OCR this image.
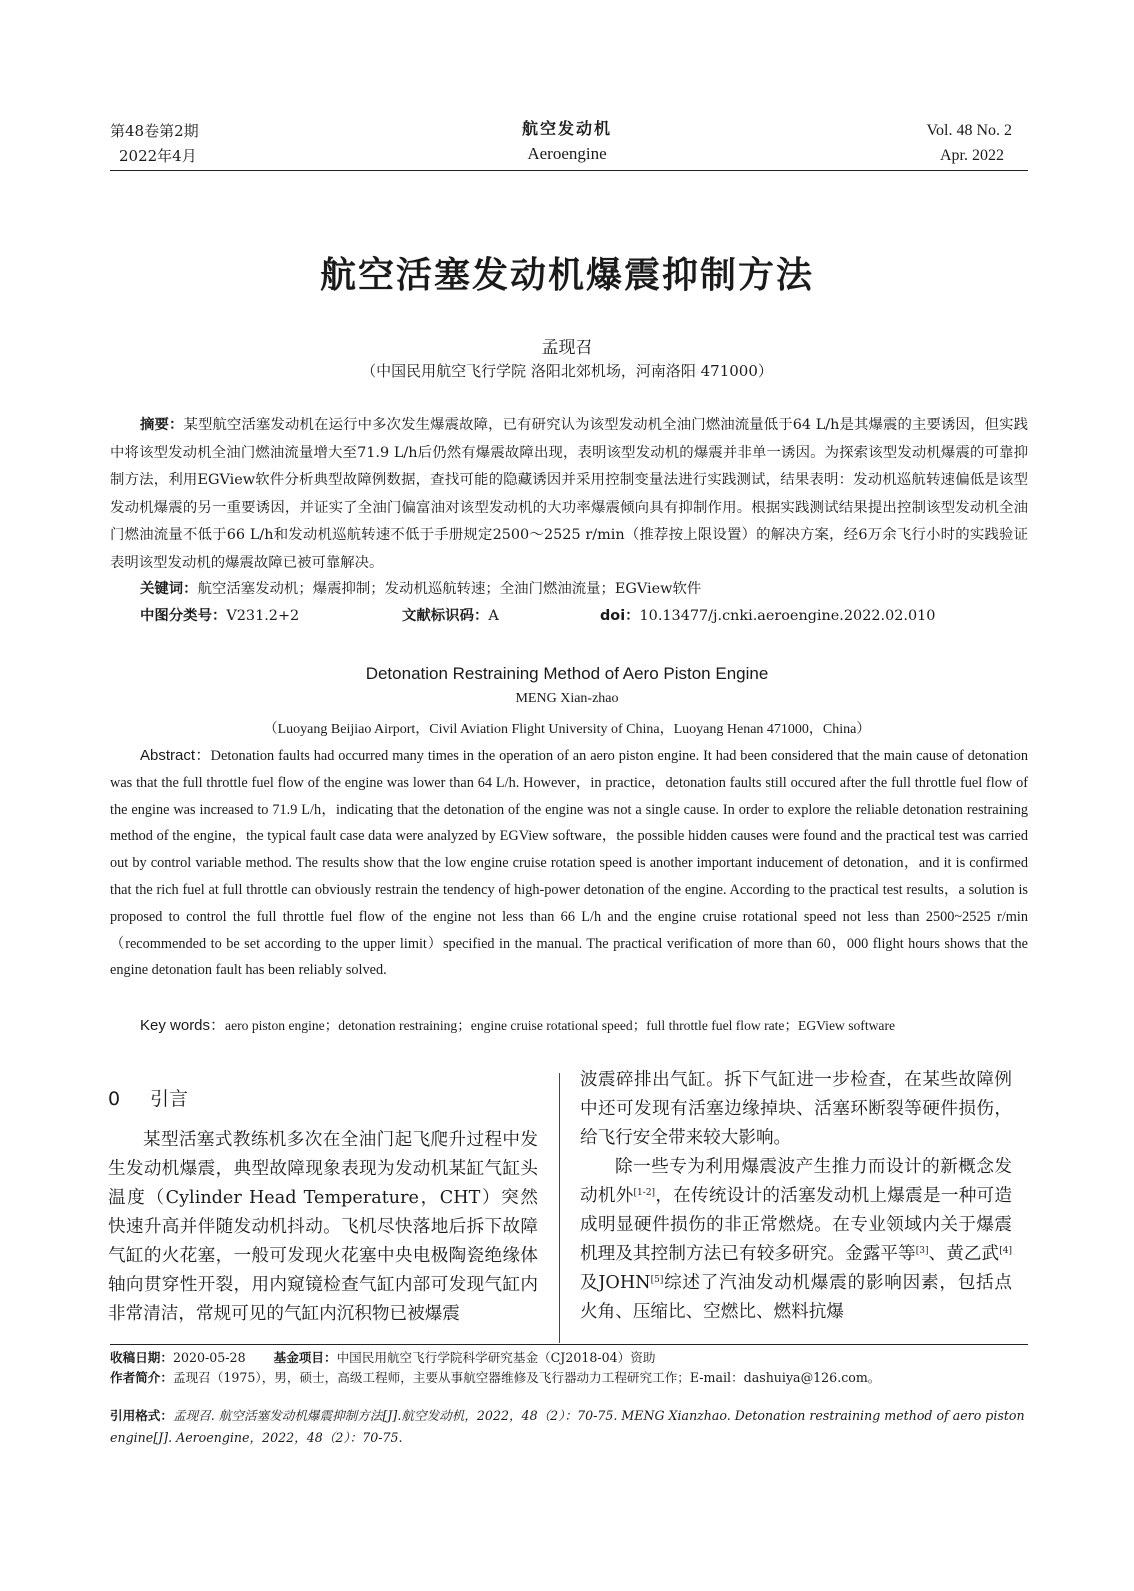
第48卷第2期
2022年4月
航空发动机
Aeroengine
Vol. 48 No. 2
Apr. 2022
航空活塞发动机爆震抑制方法
孟现召
（中国民用航空飞行学院 洛阳北郊机场，河南洛阳 471000）
摘要：某型航空活塞发动机在运行中多次发生爆震故障，已有研究认为该型发动机全油门燃油流量低于64 L/h是其爆震的主要诱因，但实践中将该型发动机全油门燃油流量增大至71.9 L/h后仍然有爆震故障出现，表明该型发动机的爆震并非单一诱因。为探索该型发动机爆震的可靠抑制方法，利用EGView软件分析典型故障例数据，查找可能的隐藏诱因并采用控制变量法进行实践测试，结果表明：发动机巡航转速偏低是该型发动机爆震的另一重要诱因，并证实了全油门偏富油对该型发动机的大功率爆震倾向具有抑制作用。根据实践测试结果提出控制该型发动机全油门燃油流量不低于66 L/h和发动机巡航转速不低于手册规定2500～2525 r/min（推荐按上限设置）的解决方案，经6万余飞行小时的实践验证表明该型发动机的爆震故障已被可靠解决。
关键词：航空活塞发动机；爆震抑制；发动机巡航转速；全油门燃油流量；EGView软件
中图分类号：V231.2+2	文献标识码：A	doi：10.13477/j.cnki.aeroengine.2022.02.010
Detonation Restraining Method of Aero Piston Engine
MENG Xian-zhao
（Luoyang Beijiao Airport，Civil Aviation Flight University of China，Luoyang Henan 471000，China）
Abstract：Detonation faults had occurred many times in the operation of an aero piston engine. It had been considered that the main cause of detonation was that the full throttle fuel flow of the engine was lower than 64 L/h. However，in practice，detonation faults still occured after the full throttle fuel flow of the engine was increased to 71.9 L/h，indicating that the detonation of the engine was not a single cause. In order to explore the reliable detonation restraining method of the engine，the typical fault case data were analyzed by EGView software，the possible hidden causes were found and the practical test was carried out by control variable method. The results show that the low engine cruise rotation speed is another important inducement of detonation，and it is confirmed that the rich fuel at full throttle can obviously restrain the tendency of high-power detonation of the engine. According to the practical test results，a solution is proposed to control the full throttle fuel flow of the engine not less than 66 L/h and the engine cruise rotational speed not less than 2500~2525 r/min（recommended to be set according to the upper limit）specified in the manual. The practical verification of more than 60，000 flight hours shows that the engine detonation fault has been reliably solved.
Key words：aero piston engine；detonation restraining；engine cruise rotational speed；full throttle fuel flow rate；EGView software
0 引言
某型活塞式教练机多次在全油门起飞爬升过程中发生发动机爆震，典型故障现象表现为发动机某缸气缸头温度（Cylinder Head Temperature，CHT）突然快速升高并伴随发动机抖动。飞机尽快落地后拆下故障气缸的火花塞，一般可发现火花塞中央电极陶瓷绝缘体轴向贯穿性开裂，用内窥镜检查气缸内部可发现气缸内非常清洁，常规可见的气缸内沉积物已被爆震

波震碎排出气缸。拆下气缸进一步检查，在某些故障例中还可发现有活塞边缘掉块、活塞环断裂等硬件损伤，给飞行安全带来较大影响。

除一些专为利用爆震波产生推力而设计的新概念发动机外[1-2]，在传统设计的活塞发动机上爆震是一种可造成明显硬件损伤的非正常燃烧。在专业领域内关于爆震机理及其控制方法已有较多研究。金露平等[3]、黄乙武[4]及JOHN[5]综述了汽油发动机爆震的影响因素，包括点火角、压缩比、空燃比、燃料抗爆

收稿日期：2020-05-28 基金项目：中国民用航空飞行学院科学研究基金（CJ2018-04）资助
作者简介：孟现召（1975），男，硕士，高级工程师，主要从事航空器维修及飞行器动力工程研究工作；E-mail：dashuiya@126.com。
引用格式：孟现召. 航空活塞发动机爆震抑制方法[J].航空发动机，2022，48（2）：70-75. MENG Xianzhao. Detonation restraining method of aero piston engine[J]. Aeroengine，2022，48（2）：70-75.
